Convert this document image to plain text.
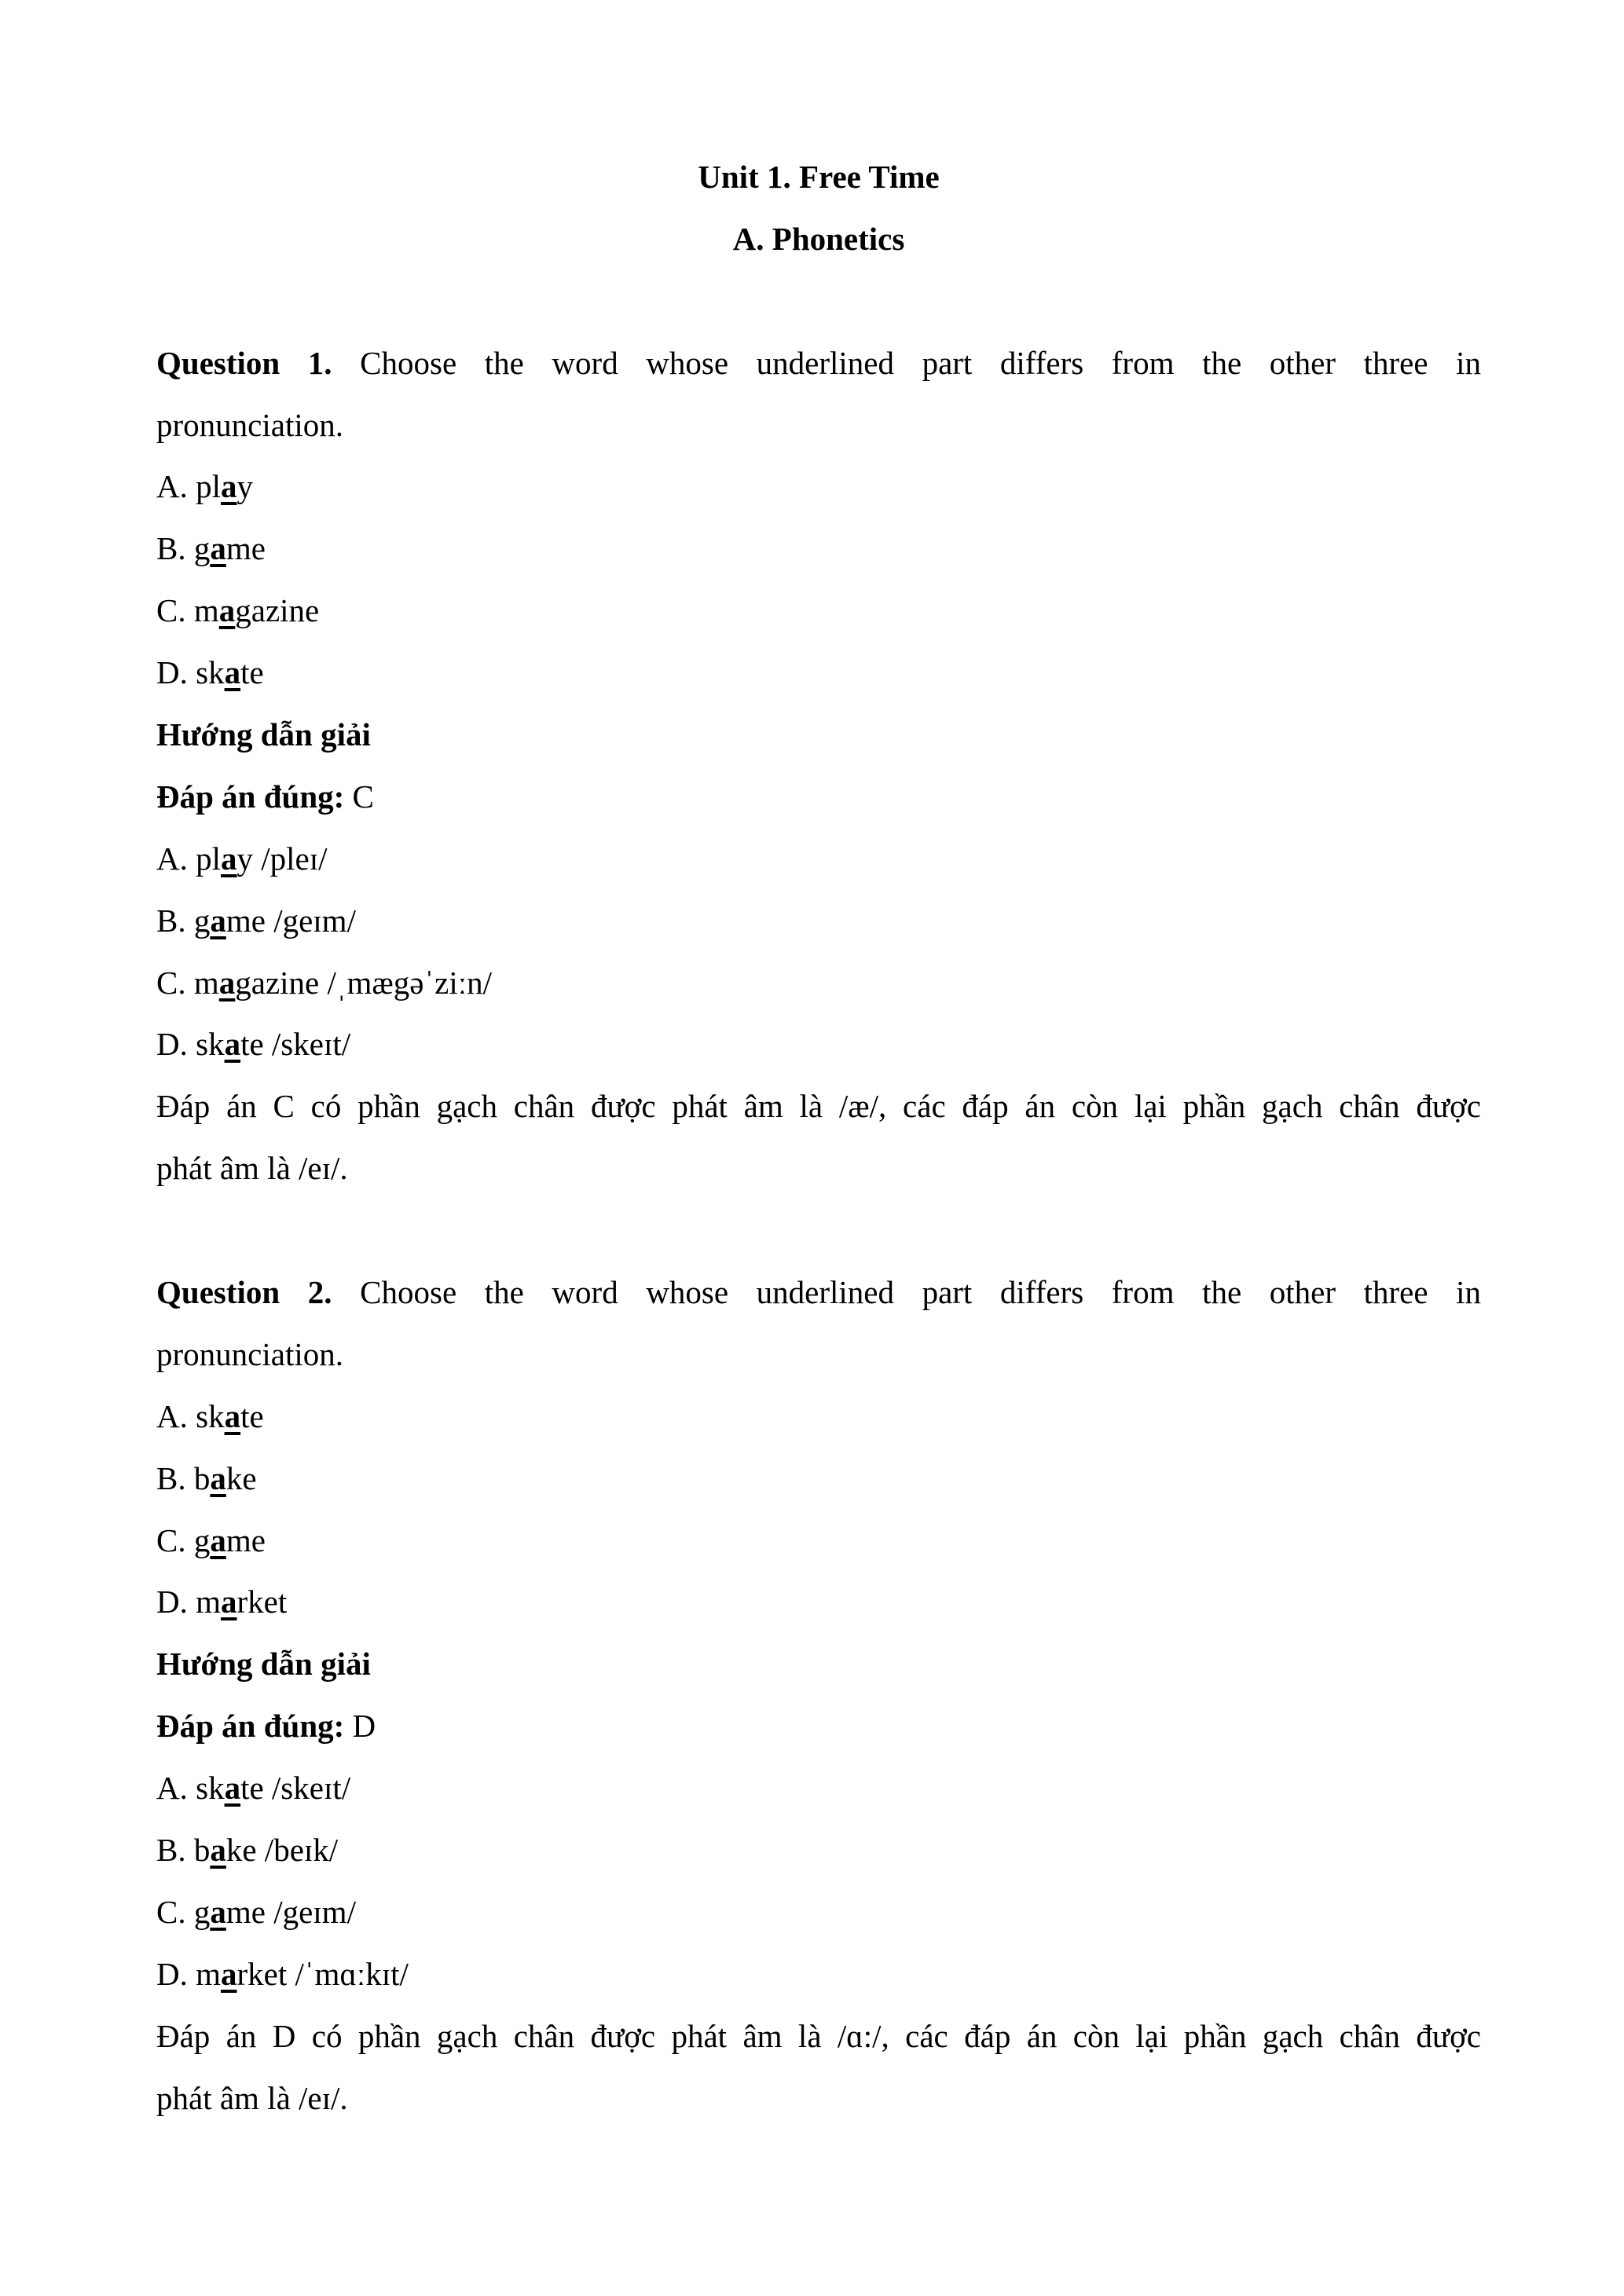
Unit 1. Free Time
A. Phonetics
Question 1. Choose the word whose underlined part differs from the other three in
pronunciation.
A. play
B. game
C. magazine
D. skate
Hướng dẫn giải
Đáp án đúng: C
A. play /pleɪ/
B. game /geɪm/
C. magazine /ˌmægəˈziːn/
D. skate /skeɪt/
Đáp án C có phần gạch chân được phát âm là /æ/, các đáp án còn lại phần gạch chân được
phát âm là /eɪ/.
Question 2. Choose the word whose underlined part differs from the other three in
pronunciation.
A. skate
B. bake
C. game
D. market
Hướng dẫn giải
Đáp án đúng: D
A. skate /skeɪt/
B. bake /beɪk/
C. game /geɪm/
D. market /ˈmɑːkɪt/
Đáp án D có phần gạch chân được phát âm là /ɑ:/, các đáp án còn lại phần gạch chân được
phát âm là /eɪ/.
